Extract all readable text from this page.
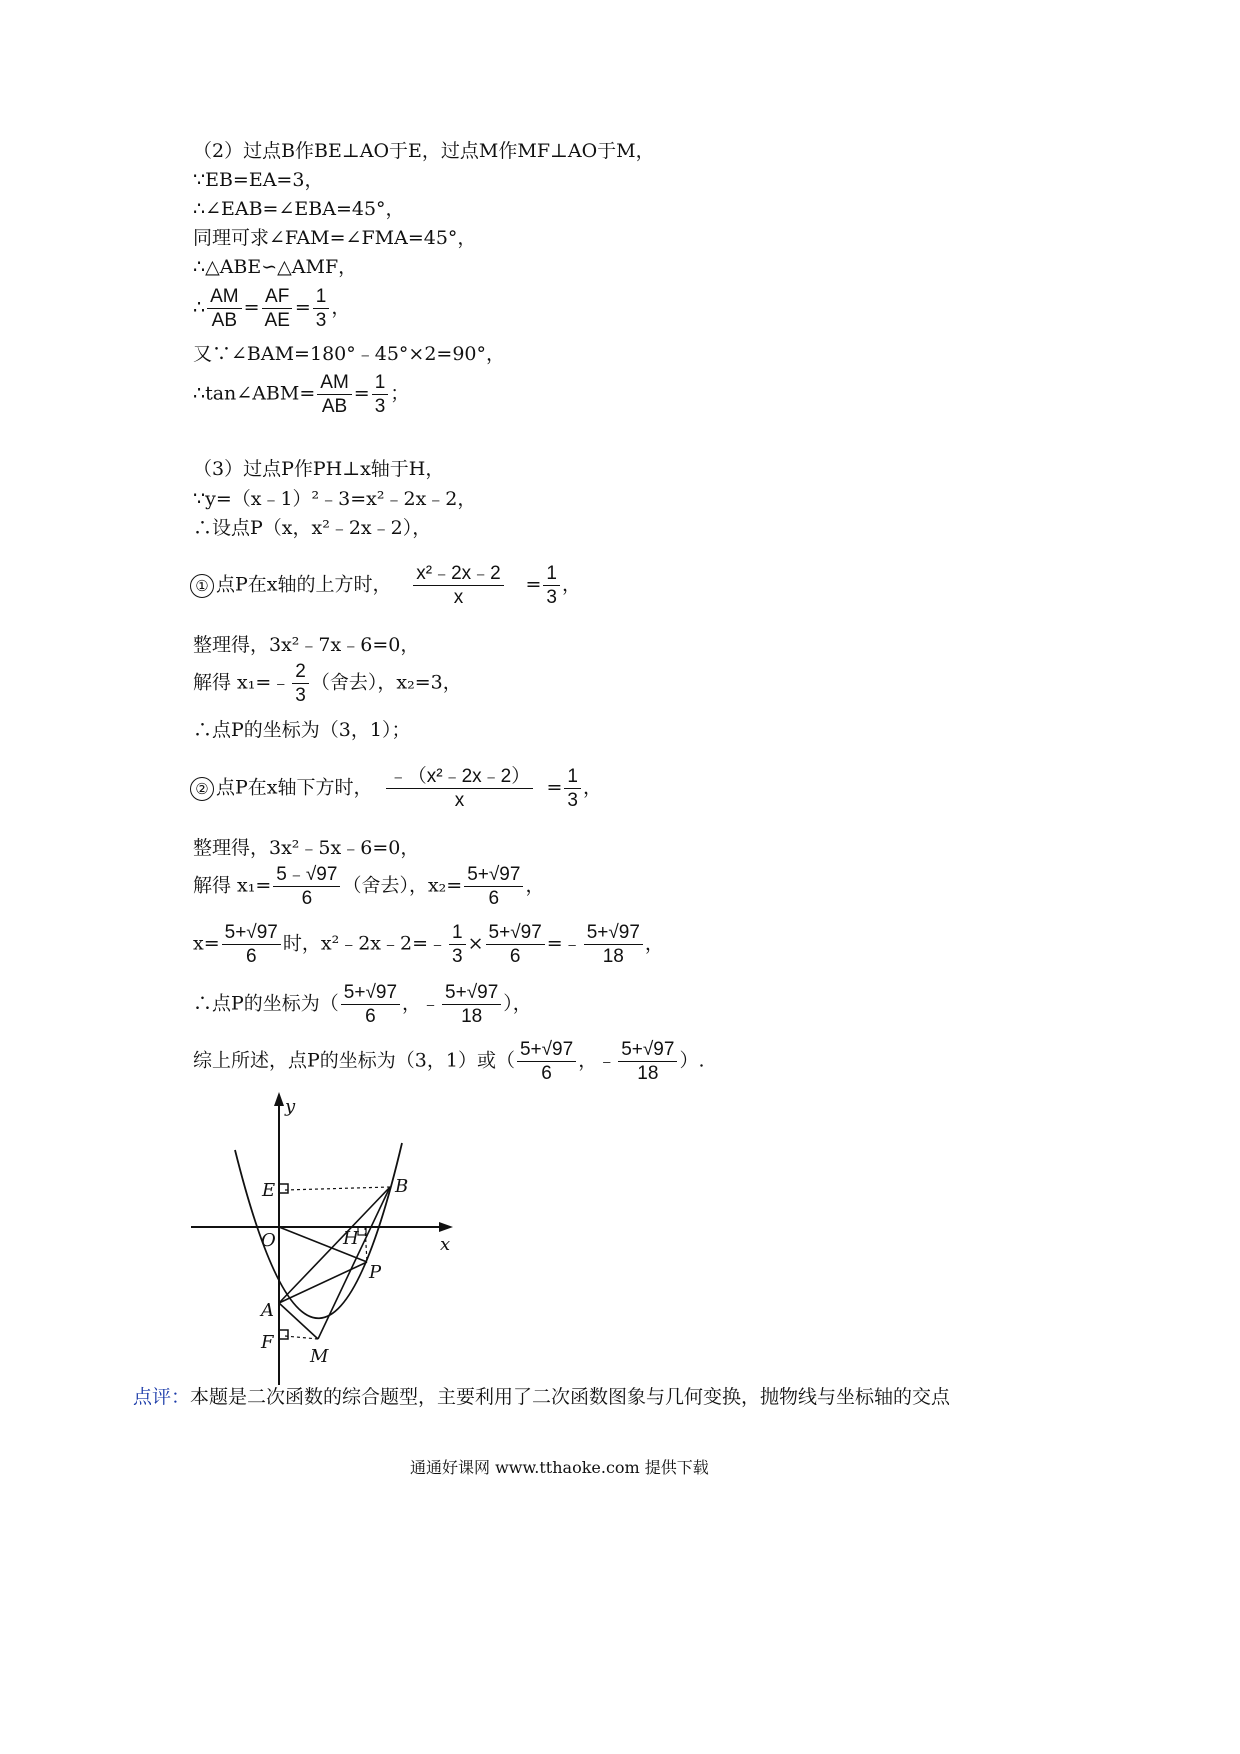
（2）过点B作BE⊥AO于E，过点M作MF⊥AO于M，
∵EB=EA=3，
∴∠EAB=∠EBA=45°，
同理可求∠FAM=∠FMA=45°，
∴△ABE∽△AMF，
∴ $\frac{AM}{AB} = \frac{AF}{AE} = \frac{1}{3}$ ，
又∵∠BAM=180°﹣45°×2=90°，
∴tan∠ABM= $\frac{AM}{AB} = \frac{1}{3}$ ；
（3）过点P作PH⊥x轴于H，
∵y=（x﹣1）²﹣3=x²﹣2x﹣2，
∴设点P（x，x²﹣2x﹣2），
① 点P在x轴的上方时， $\frac{\text{x²﹣2x﹣2}}{x} = \frac{1}{3}$ ，
整理得，3x²﹣7x﹣6=0，
解得 x₁=﹣ $\frac{2}{3}$ （舍去），x₂=3，
∴点P的坐标为（3，1）；
② 点P在x轴下方时， $\frac{\text{﹣（x²﹣2x﹣2）}}{x} = \frac{1}{3}$ ，
整理得，3x²﹣5x﹣6=0，
解得 $x_1= \frac{5﹣√97}{6}$ （舍去），$x_2= \frac{5+√97}{6}$ ，
$x= \frac{5+√97}{6}$ 时，x²﹣2x﹣2=﹣ $\frac{1}{3} \times \frac{5+√97}{6}$ =﹣ $\frac{5+√97}{18}$ ，
∴点P的坐标为（ $\frac{5+√97}{6}$ ，﹣ $\frac{5+√97}{18}$ ），
综上所述，点P的坐标为（3，1）或（ $\frac{5+√97}{6}$ ，﹣ $\frac{5+√97}{18}$ ）.
y
E	B
O	H	x
P
A
F
M
点评：本题是二次函数的综合题型，主要利用了二次函数图象与几何变换，抛物线与坐标轴的交点
通通好课网 www.tthaoke.com 提供下载
